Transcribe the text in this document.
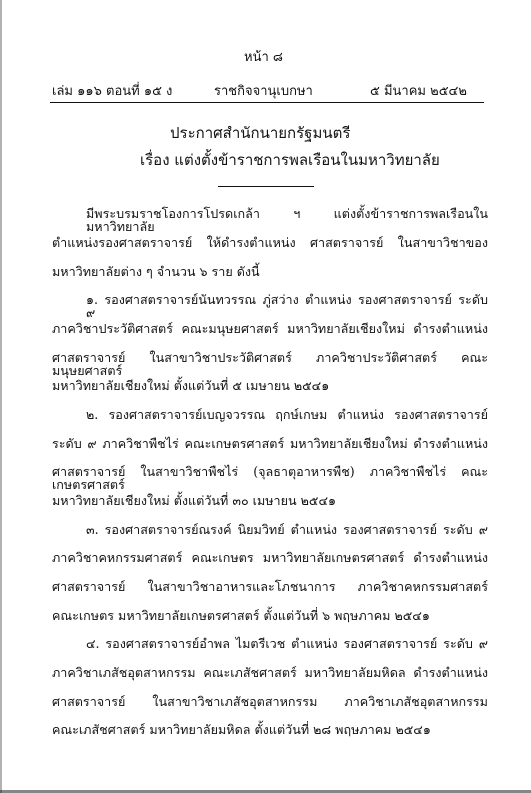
หน้า ๘
เล่ม ๑๑๖ ตอนที่ ๑๕ ง	ราชกิจจานุเบกษา	๕ มีนาคม ๒๕๔๒
ประกาศสำนักนายกรัฐมนตรี
เรื่อง แต่งตั้งข้าราชการพลเรือนในมหาวิทยาลัย
มีพระบรมราชโองการโปรดเกล้า ฯ แต่งตั้งข้าราชการพลเรือนในมหาวิทยาลัย
ตำแหน่งรองศาสตราจารย์ ให้ดำรงตำแหน่ง ศาสตราจารย์ ในสาขาวิชาของ
มหาวิทยาลัยต่าง ๆ จำนวน ๖ ราย ดังนี้
๑. รองศาสตราจารย์นันทวรรณ ภู่สว่าง ตำแหน่ง รองศาสตราจารย์ ระดับ ๙
ภาควิชาประวัติศาสตร์ คณะมนุษยศาสตร์ มหาวิทยาลัยเชียงใหม่ ดำรงตำแหน่ง
ศาสตราจารย์ ในสาขาวิชาประวัติศาสตร์ ภาควิชาประวัติศาสตร์ คณะมนุษยศาสตร์
มหาวิทยาลัยเชียงใหม่ ตั้งแต่วันที่ ๕ เมษายน ๒๕๔๑
๒. รองศาสตราจารย์เบญจวรรณ ฤกษ์เกษม ตำแหน่ง รองศาสตราจารย์
ระดับ ๙ ภาควิชาพืชไร่ คณะเกษตรศาสตร์ มหาวิทยาลัยเชียงใหม่ ดำรงตำแหน่ง
ศาสตราจารย์ ในสาขาวิชาพืชไร่ (จุลธาตุอาหารพืช) ภาควิชาพืชไร่ คณะเกษตรศาสตร์
มหาวิทยาลัยเชียงใหม่ ตั้งแต่วันที่ ๓๐ เมษายน ๒๕๔๑
๓. รองศาสตราจารย์ณรงค์ นิยมวิทย์ ตำแหน่ง รองศาสตราจารย์ ระดับ ๙
ภาควิชาคหกรรมศาสตร์ คณะเกษตร มหาวิทยาลัยเกษตรศาสตร์ ดำรงตำแหน่ง
ศาสตราจารย์ ในสาขาวิชาอาหารและโภชนาการ ภาควิชาคหกรรมศาสตร์
คณะเกษตร มหาวิทยาลัยเกษตรศาสตร์ ตั้งแต่วันที่ ๖ พฤษภาคม ๒๕๔๑
๔. รองศาสตราจารย์อำพล ไมตรีเวช ตำแหน่ง รองศาสตราจารย์ ระดับ ๙
ภาควิชาเภสัชอุตสาหกรรม คณะเภสัชศาสตร์ มหาวิทยาลัยมหิดล ดำรงตำแหน่ง
ศาสตราจารย์ ในสาขาวิชาเภสัชอุตสาหกรรม ภาควิชาเภสัชอุตสาหกรรม
คณะเภสัชศาสตร์ มหาวิทยาลัยมหิดล ตั้งแต่วันที่ ๒๘ พฤษภาคม ๒๕๔๑
